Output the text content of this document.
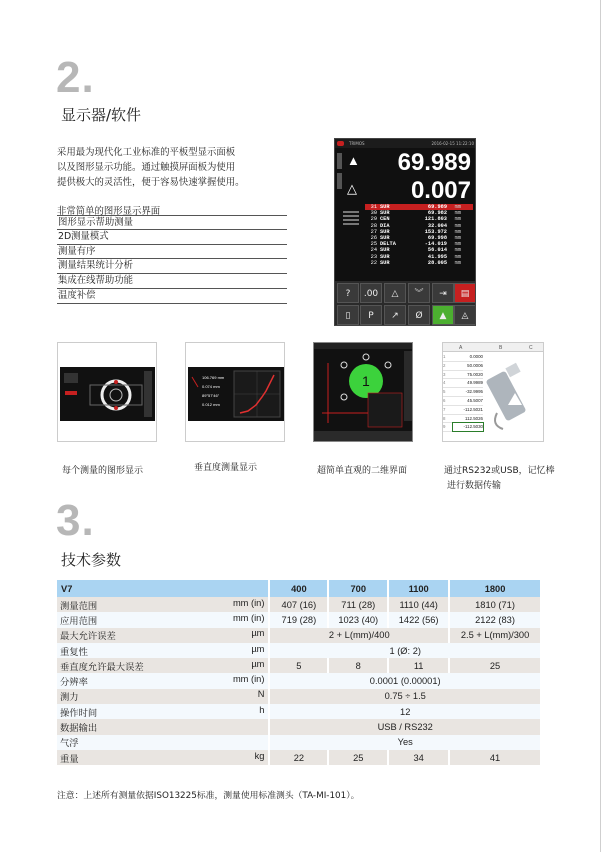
2.
显示器/软件
采用最为现代化工业标准的平板型显示面板
以及图形显示功能。通过触摸屏面板为使用
提供极大的灵活性，便于容易快速掌握使用。
非常简单的图形显示界面
图形显示帮助测量
2D测量模式
测量有序
测量结果统计分析
集成在线帮助功能
温度补偿
TRIMOS	2016-02-15 11:22:10
▲ 69.989
△ 0.007
31 SUR	69.989	mm
30 SUR	69.982	mm
29 CEN	121.803	mm
28 DIA	32.004	mm
27 SUR	153.972	mm
26 SUR	69.998	mm
25 DELTA	-14.019	mm
24 SUR	56.014	mm
23 SUR	41.995	mm
22 SUR	28.005	mm
?	.00	△	︾	⇥	▤
▯	P	↗	Ø	▲	◬
106.769 mm
0.074 mm
89°57'46"
0.012 mm
1
A	B	C
1	0.0000
2	50.0006
3	75.0020
4	49.9989
5	-32.9995
6	45.5007
7	-112.5021
8	112.5026
9	-112.5030
每个测量的图形显示	垂直度测量显示	超简单直观的二维界面	通过RS232或USB，记忆棒
进行数据传输
3.
技术参数
V7	400	700	1100	1800
测量范围 mm (in)	407 (16)	711 (28)	1110 (44)	1810 (71)
应用范围 mm (in)	719 (28)	1023 (40)	1422 (56)	2122 (83)
最大允许误差 µm	2 + L(mm)/400			2.5 + L(mm)/300
重复性 µm	1 (Ø: 2)			
垂直度允许最大误差 µm	5	8	11	25
分辨率 mm (in)	0.0001 (0.00001)			
测力 N	0.75 ÷ 1.5			
操作时间 h	12			
数据输出	USB / RS232			
气浮	Yes			
重量 kg	22	25	34	41
注意：上述所有测量依据ISO13225标准，测量使用标准测头（TA-MI-101）。
